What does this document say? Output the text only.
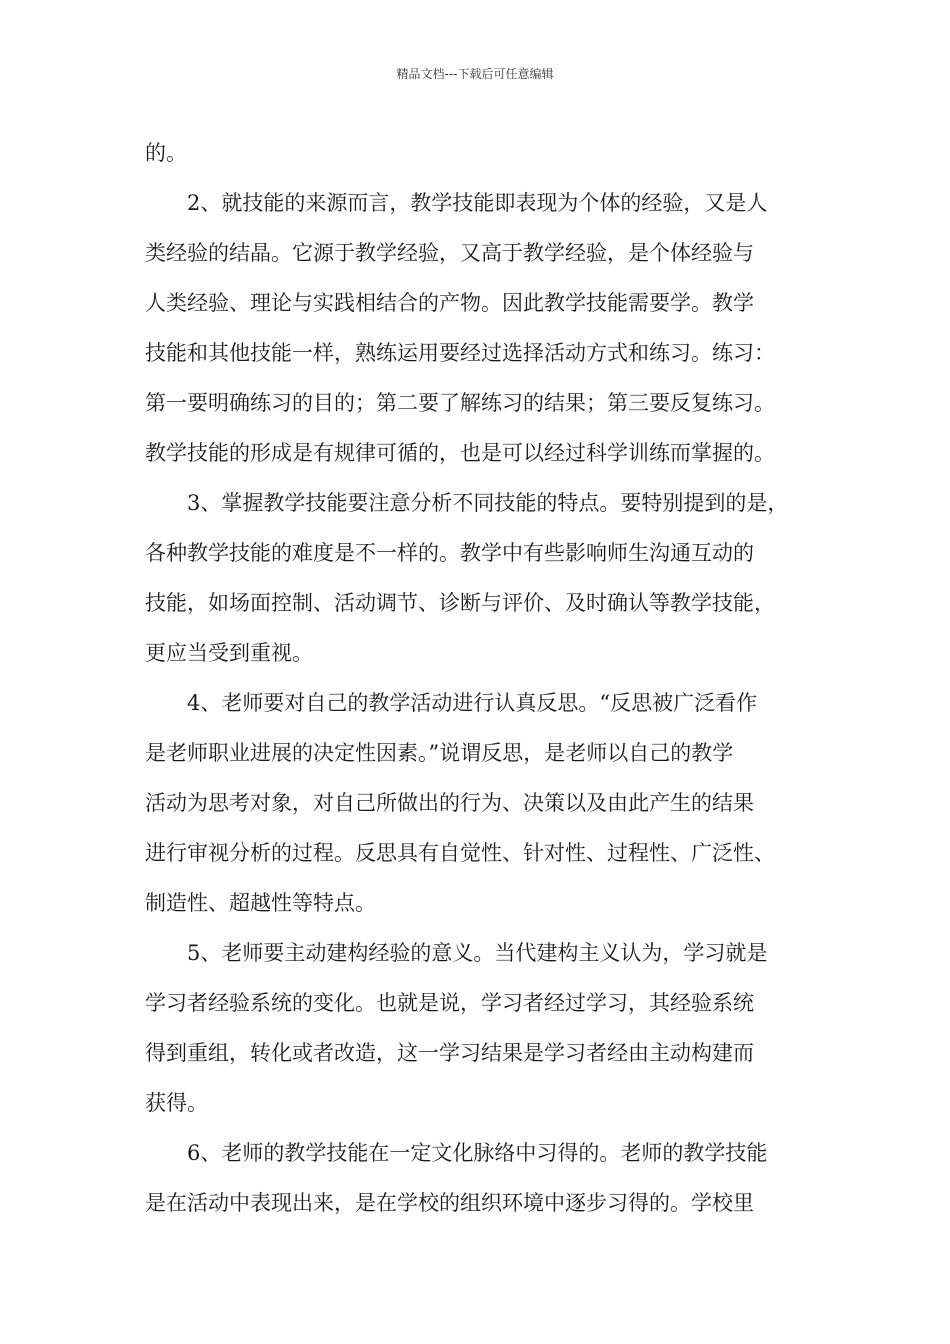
精品文档---下载后可任意编辑
的。
2、就技能的来源而言，教学技能即表现为个体的经验，又是人
类经验的结晶。它源于教学经验，又高于教学经验，是个体经验与
人类经验、理论与实践相结合的产物。因此教学技能需要学。教学
技能和其他技能一样，熟练运用要经过选择活动方式和练习。练习：
第一要明确练习的目的；第二要了解练习的结果；第三要反复练习。
教学技能的形成是有规律可循的，也是可以经过科学训练而掌握的。
3、掌握教学技能要注意分析不同技能的特点。要特别提到的是，
各种教学技能的难度是不一样的。教学中有些影响师生沟通互动的
技能，如场面控制、活动调节、诊断与评价、及时确认等教学技能，
更应当受到重视。
4、老师要对自己的教学活动进行认真反思。“反思被广泛看作
是老师职业进展的决定性因素。”说谓反思，是老师以自己的教学
活动为思考对象，对自己所做出的行为、决策以及由此产生的结果
进行审视分析的过程。反思具有自觉性、针对性、过程性、广泛性、
制造性、超越性等特点。
5、老师要主动建构经验的意义。当代建构主义认为，学习就是
学习者经验系统的变化。也就是说，学习者经过学习，其经验系统
得到重组，转化或者改造，这一学习结果是学习者经由主动构建而
获得。
6、老师的教学技能在一定文化脉络中习得的。老师的教学技能
是在活动中表现出来，是在学校的组织环境中逐步习得的。学校里
